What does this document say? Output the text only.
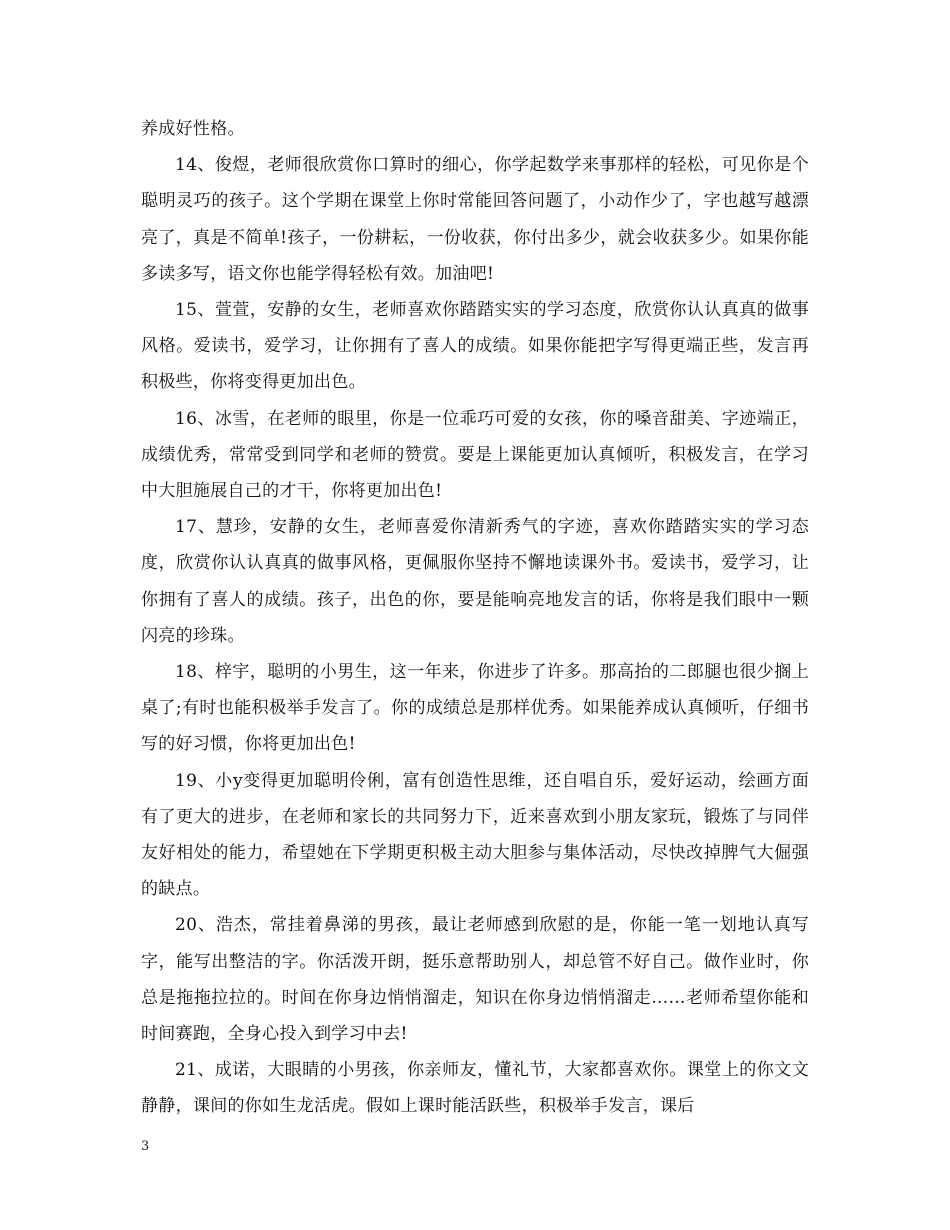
养成好性格。

14、俊煜，老师很欣赏你口算时的细心，你学起数学来事那样的轻松，可见你是个聪明灵巧的孩子。这个学期在课堂上你时常能回答问题了，小动作少了，字也越写越漂亮了，真是不简单!孩子，一份耕耘，一份收获，你付出多少，就会收获多少。如果你能多读多写，语文你也能学得轻松有效。加油吧!

15、萱萱，安静的女生，老师喜欢你踏踏实实的学习态度，欣赏你认认真真的做事风格。爱读书，爱学习，让你拥有了喜人的成绩。如果你能把字写得更端正些，发言再积极些，你将变得更加出色。

16、冰雪，在老师的眼里，你是一位乖巧可爱的女孩，你的嗓音甜美、字迹端正，成绩优秀，常常受到同学和老师的赞赏。要是上课能更加认真倾听，积极发言，在学习中大胆施展自己的才干，你将更加出色!

17、慧珍，安静的女生，老师喜爱你清新秀气的字迹，喜欢你踏踏实实的学习态度，欣赏你认认真真的做事风格，更佩服你坚持不懈地读课外书。爱读书，爱学习，让你拥有了喜人的成绩。孩子，出色的你，要是能响亮地发言的话，你将是我们眼中一颗闪亮的珍珠。

18、梓宇，聪明的小男生，这一年来，你进步了许多。那高抬的二郎腿也很少搁上桌了;有时也能积极举手发言了。你的成绩总是那样优秀。如果能养成认真倾听，仔细书写的好习惯，你将更加出色!

19、小y变得更加聪明伶俐，富有创造性思维，还自唱自乐，爱好运动，绘画方面有了更大的进步，在老师和家长的共同努力下，近来喜欢到小朋友家玩，锻炼了与同伴友好相处的能力，希望她在下学期更积极主动大胆参与集体活动，尽快改掉脾气大倔强的缺点。

20、浩杰，常挂着鼻涕的男孩，最让老师感到欣慰的是，你能一笔一划地认真写字，能写出整洁的字。你活泼开朗，挺乐意帮助别人，却总管不好自己。做作业时，你总是拖拖拉拉的。时间在你身边悄悄溜走，知识在你身边悄悄溜走……老师希望你能和时间赛跑，全身心投入到学习中去!

21、成诺，大眼睛的小男孩，你亲师友，懂礼节，大家都喜欢你。课堂上的你文文静静，课间的你如生龙活虎。假如上课时能活跃些，积极举手发言，课后

3
